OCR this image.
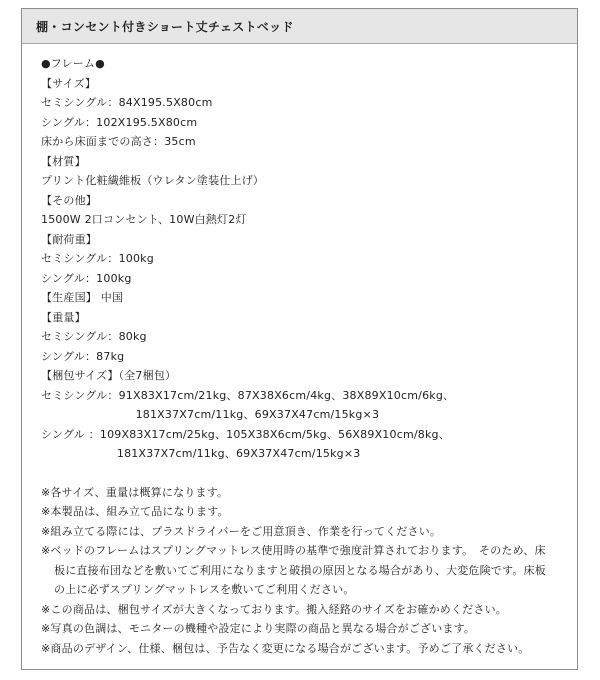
棚・コンセント付きショート丈チェストベッド
●フレーム●
【サイズ】
セミシングル：84X195.5X80cm
シングル：102X195.5X80cm
床から床面までの高さ：35cm
【材質】
プリント化粧繊維板（ウレタン塗装仕上げ）
【その他】
1500W 2口コンセント、10W白熱灯2灯
【耐荷重】
セミシングル：100kg
シングル：100kg
【生産国】 中国
【重量】
セミシングル：80kg
シングル：87kg
【梱包サイズ】（全7梱包）
セミシングル： 91X83X17cm/21kg、87X38X6cm/4kg、38X89X10cm/6kg、
181X37X7cm/11kg、69X37X47cm/15kg×3
シングル ： 109X83X17cm/25kg、105X38X6cm/5kg、56X89X10cm/8kg、
181X37X7cm/11kg、69X37X47cm/15kg×3
※各サイズ、重量は概算になります。
※本製品は、組み立て品になります。
※組み立てる際には、プラスドライバーをご用意頂き、作業を行ってください。
※ベッドのフレームはスプリングマットレス使用時の基準で強度計算されております。　そのため、床
板に直接布団などを敷いてご利用になりますと破損の原因となる場合があり、大変危険です。床板
の上に必ずスプリングマットレスを敷いてご利用ください。
※この商品は、梱包サイズが大きくなっております。搬入経路のサイズをお確かめください。
※写真の色調は、モニターの機種や設定により実際の商品と異なる場合がございます。
※商品のデザイン、仕様、梱包は、予告なく変更になる場合がございます。予めご了承ください。
